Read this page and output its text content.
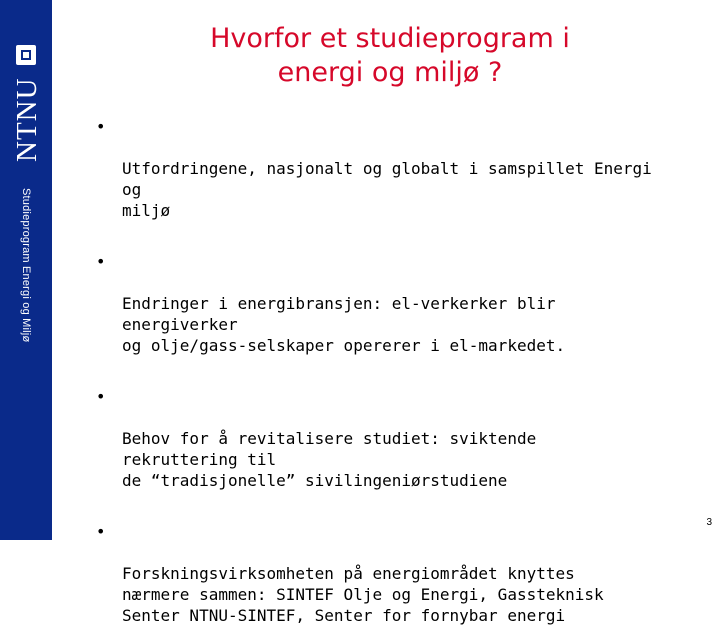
NTNU
Studieprogram Energi og Miljø
Hvorfor et studieprogram i
energi og miljø ?

•

Utfordringene, nasjonalt og globalt i samspillet Energi og
miljø

•

Endringer i energibransjen: el-verkerker blir energiverker
og olje/gass-selskaper opererer i el-markedet.

•

Behov for å revitalisere studiet: sviktende rekruttering til
de “tradisjonelle” sivilingeniørstudiene

•

Forskningsvirksomheten på energiområdet knyttes
nærmere sammen: SINTEF Olje og Energi, Gassteknisk
Senter NTNU-SINTEF, Senter for fornybar energi

3
